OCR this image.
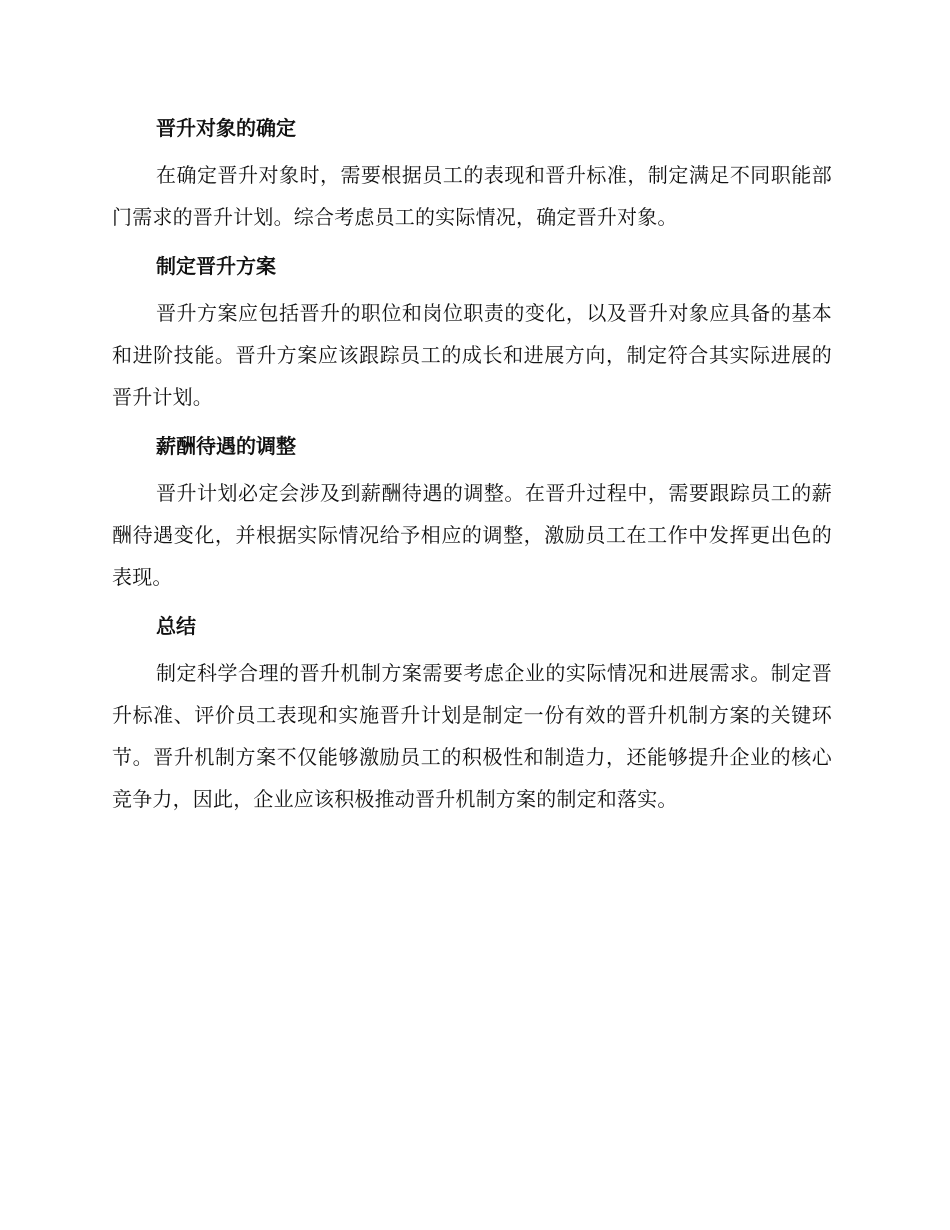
晋升对象的确定

在确定晋升对象时，需要根据员工的表现和晋升标准，制定满足不同职能部门需求的晋升计划。综合考虑员工的实际情况，确定晋升对象。

制定晋升方案

晋升方案应包括晋升的职位和岗位职责的变化，以及晋升对象应具备的基本和进阶技能。晋升方案应该跟踪员工的成长和进展方向，制定符合其实际进展的晋升计划。

薪酬待遇的调整

晋升计划必定会涉及到薪酬待遇的调整。在晋升过程中，需要跟踪员工的薪酬待遇变化，并根据实际情况给予相应的调整，激励员工在工作中发挥更出色的表现。

总结

制定科学合理的晋升机制方案需要考虑企业的实际情况和进展需求。制定晋升标准、评价员工表现和实施晋升计划是制定一份有效的晋升机制方案的关键环节。晋升机制方案不仅能够激励员工的积极性和制造力，还能够提升企业的核心竞争力，因此，企业应该积极推动晋升机制方案的制定和落实。
